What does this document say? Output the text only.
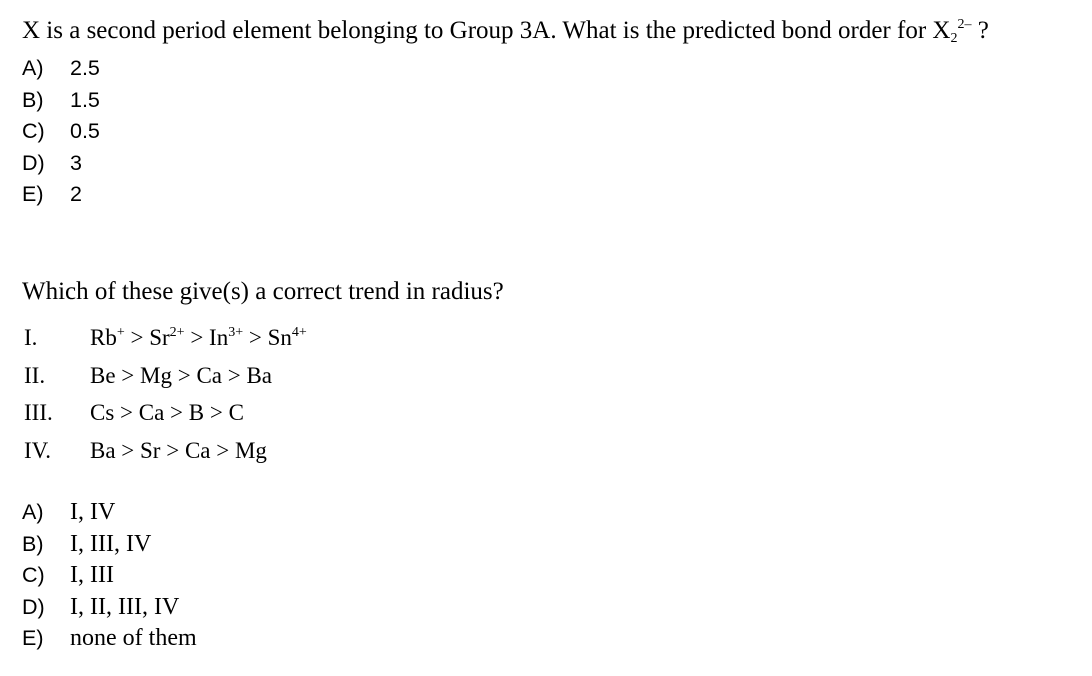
X is a second period element belonging to Group 3A. What is the predicted bond order for $X_2^{2-}$ ?
A) 2.5
B) 1.5
C) 0.5
D) 3
E) 2
Which of these give(s) a correct trend in radius?
I. $Rb^+ > Sr^{2+} > In^{3+} > Sn^{4+}$
II. Be > Mg > Ca > Ba
III. Cs > Ca > B > C
IV. Ba > Sr > Ca > Mg
A) I, IV
B) I, III, IV
C) I, III
D) I, II, III, IV
E) none of them
